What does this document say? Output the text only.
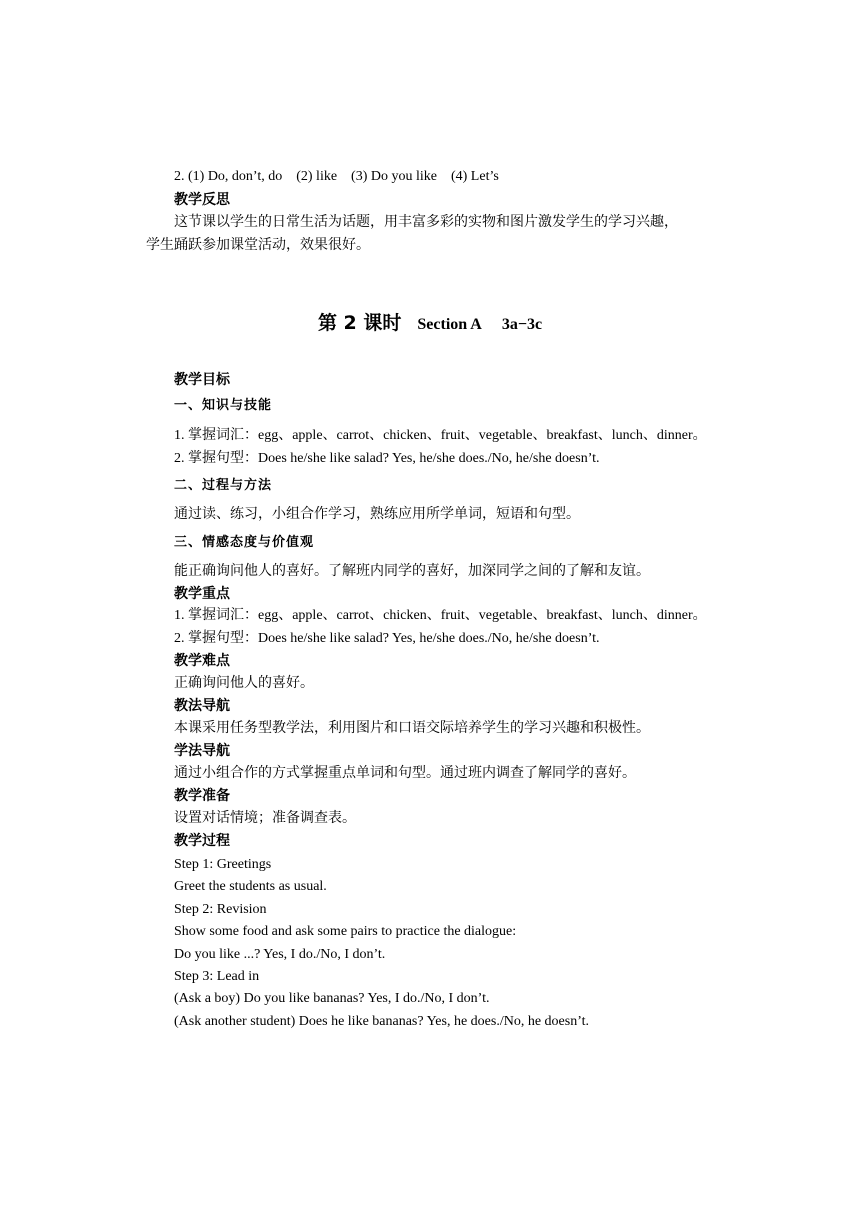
2. (1) Do, don’t, do　(2) like　(3) Do you like　(4) Let’s
教学反思
这节课以学生的日常生活为话题，用丰富多彩的实物和图片激发学生的学习兴趣，
学生踊跃参加课堂活动，效果很好。
第 2 课时 Section A 3a−3c
教学目标
一、知识与技能
1. 掌握词汇：egg、apple、carrot、chicken、fruit、vegetable、breakfast、lunch、dinner。
2. 掌握句型：Does he/she like salad? Yes, he/she does./No, he/she doesn’t.
二、过程与方法
通过读、练习，小组合作学习，熟练应用所学单词，短语和句型。
三、情感态度与价值观
能正确询问他人的喜好。了解班内同学的喜好，加深同学之间的了解和友谊。
教学重点
1. 掌握词汇：egg、apple、carrot、chicken、fruit、vegetable、breakfast、lunch、dinner。
2. 掌握句型：Does he/she like salad? Yes, he/she does./No, he/she doesn’t.
教学难点
正确询问他人的喜好。
教法导航
本课采用任务型教学法，利用图片和口语交际培养学生的学习兴趣和积极性。
学法导航
通过小组合作的方式掌握重点单词和句型。通过班内调查了解同学的喜好。
教学准备
设置对话情境；准备调查表。
教学过程
Step 1: Greetings
Greet the students as usual.
Step 2: Revision
Show some food and ask some pairs to practice the dialogue:
Do you like ...? Yes, I do./No, I don’t.
Step 3: Lead in
(Ask a boy) Do you like bananas? Yes, I do./No, I don’t.
(Ask another student) Does he like bananas? Yes, he does./No, he doesn’t.
